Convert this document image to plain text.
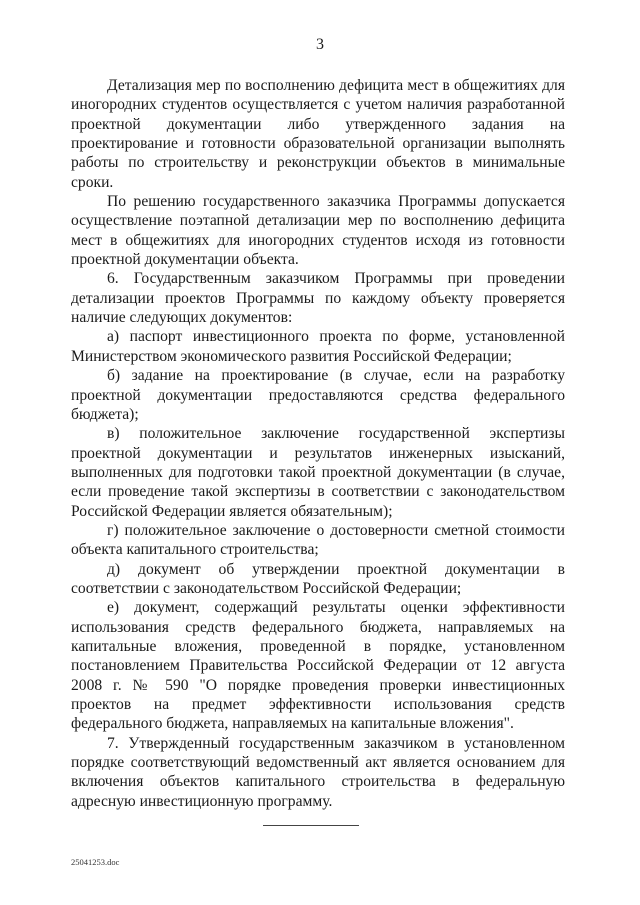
3

Детализация мер по восполнению дефицита мест в общежитиях для иногородних студентов осуществляется с учетом наличия разработанной проектной документации либо утвержденного задания на проектирование и готовности образовательной организации выполнять работы по строительству и реконструкции объектов в минимальные сроки.

По решению государственного заказчика Программы допускается осуществление поэтапной детализации мер по восполнению дефицита мест в общежитиях для иногородних студентов исходя из готовности проектной документации объекта.

6. Государственным заказчиком Программы при проведении детализации проектов Программы по каждому объекту проверяется наличие следующих документов:

а) паспорт инвестиционного проекта по форме, установленной Министерством экономического развития Российской Федерации;

б) задание на проектирование (в случае, если на разработку проектной документации предоставляются средства федерального бюджета);

в) положительное заключение государственной экспертизы проектной документации и результатов инженерных изысканий, выполненных для подготовки такой проектной документации (в случае, если проведение такой экспертизы в соответствии с законодательством Российской Федерации является обязательным);

г) положительное заключение о достоверности сметной стоимости объекта капитального строительства;

д) документ об утверждении проектной документации в соответствии с законодательством Российской Федерации;

е) документ, содержащий результаты оценки эффективности использования средств федерального бюджета, направляемых на капитальные вложения, проведенной в порядке, установленном постановлением Правительства Российской Федерации от 12 августа 2008 г. № 590 "О порядке проведения проверки инвестиционных проектов на предмет эффективности использования средств федерального бюджета, направляемых на капитальные вложения".

7. Утвержденный государственным заказчиком в установленном порядке соответствующий ведомственный акт является основанием для включения объектов капитального строительства в федеральную адресную инвестиционную программу.

25041253.doc
